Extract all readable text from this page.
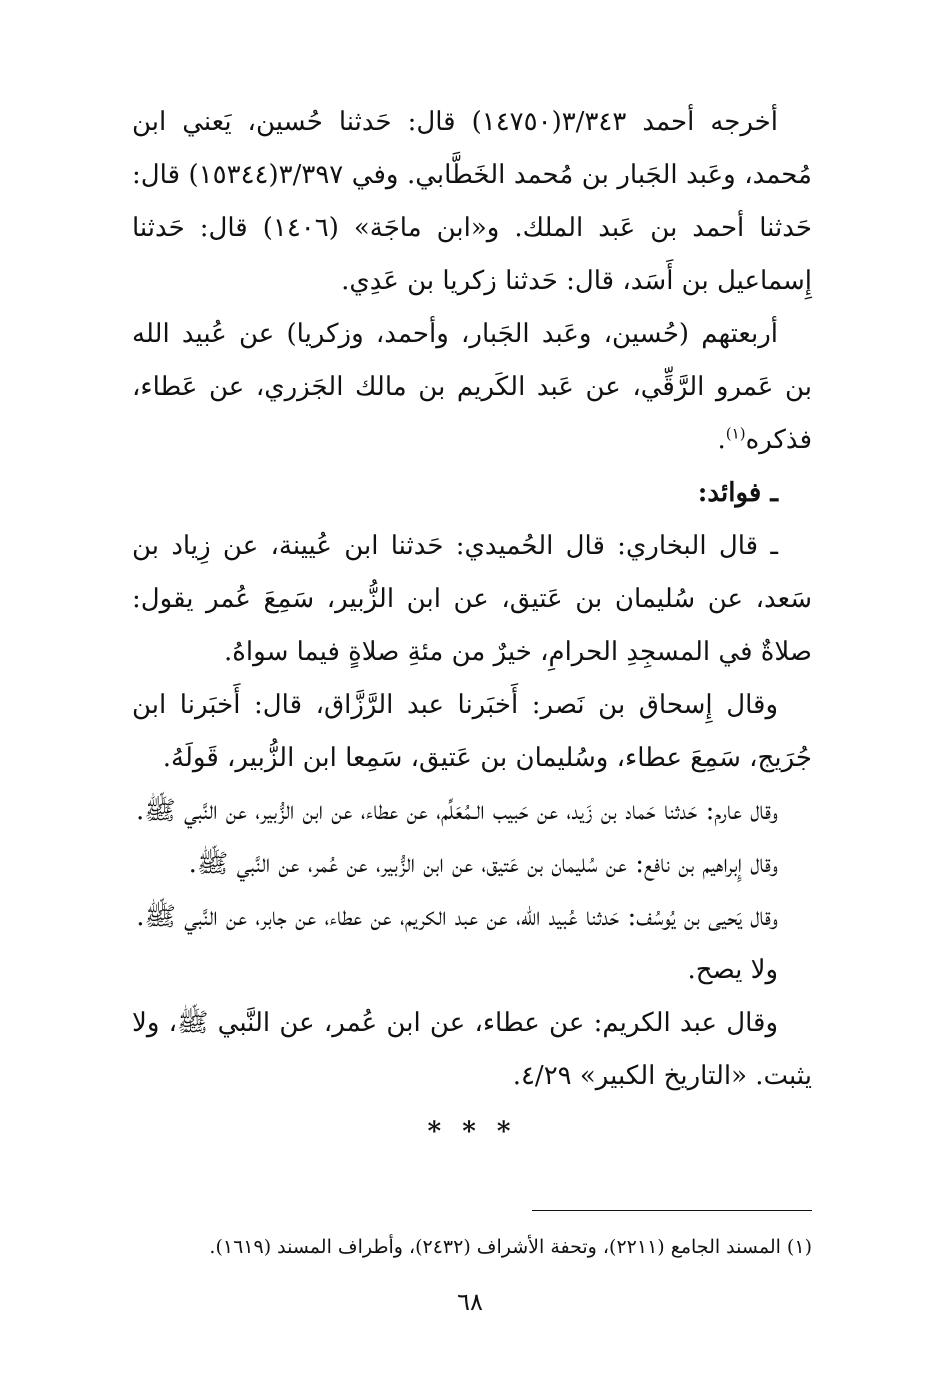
أخرجه أحمد ٣/٣٤٣(١٤٧٥٠) قال: حَدثنا حُسين، يَعني ابن مُحمد، وعَبد الجَبار بن مُحمد الخَطَّابي. وفي ٣/٣٩٧(١٥٣٤٤) قال: حَدثنا أحمد بن عَبد الملك. و«ابن ماجَة» (١٤٠٦) قال: حَدثنا إِسماعيل بن أَسَد، قال: حَدثنا زكريا بن عَدِي.

أربعتهم (حُسين، وعَبد الجَبار، وأحمد، وزكريا) عن عُبيد الله بن عَمرو الرَّقِّي، عن عَبد الكَريم بن مالك الجَزري، عن عَطاء، فذكره$^{(١)}$.

ـ فوائد:

ـ قال البخاري: قال الحُميدي: حَدثنا ابن عُيينة، عن زِياد بن سَعد، عن سُليمان بن عَتيق، عن ابن الزُّبير، سَمِعَ عُمر يقول: صلاةٌ في المسجِدِ الحرامِ، خيرٌ من مئةِ صلاةٍ فيما سواهُ.

وقال إِسحاق بن نَصر: أَخبَرنا عبد الرَّزَّاق، قال: أَخبَرنا ابن جُرَيج، سَمِعَ عطاء، وسُليمان بن عَتيق، سَمِعا ابن الزُّبير، قَولَهُ.

وقال عارم: حَدثنا حَماد بن زَيد، عن حَبيب الـمُعَلِّم، عن عطاء، عن ابن الزُّبير، عن النَّبي ﷺ.

وقال إِبراهيم بن نافع: عن سُليمان بن عَتيق، عن ابن الزُّبير، عن عُمر، عن النَّبي ﷺ.

وقال يَحيى بن يُوسُف: حَدثنا عُبيد الله، عن عبد الكريم، عن عطاء، عن جابر، عن النَّبي ﷺ.

ولا يصح.

وقال عبد الكريم: عن عطاء، عن ابن عُمر، عن النَّبي ﷺ، ولا يثبت. «التاريخ الكبير» ٤/٢٩.

* * *
(١) المسند الجامع (٢٢١١)، وتحفة الأشراف (٢٤٣٢)، وأطراف المسند (١٦١٩).
٦٨
